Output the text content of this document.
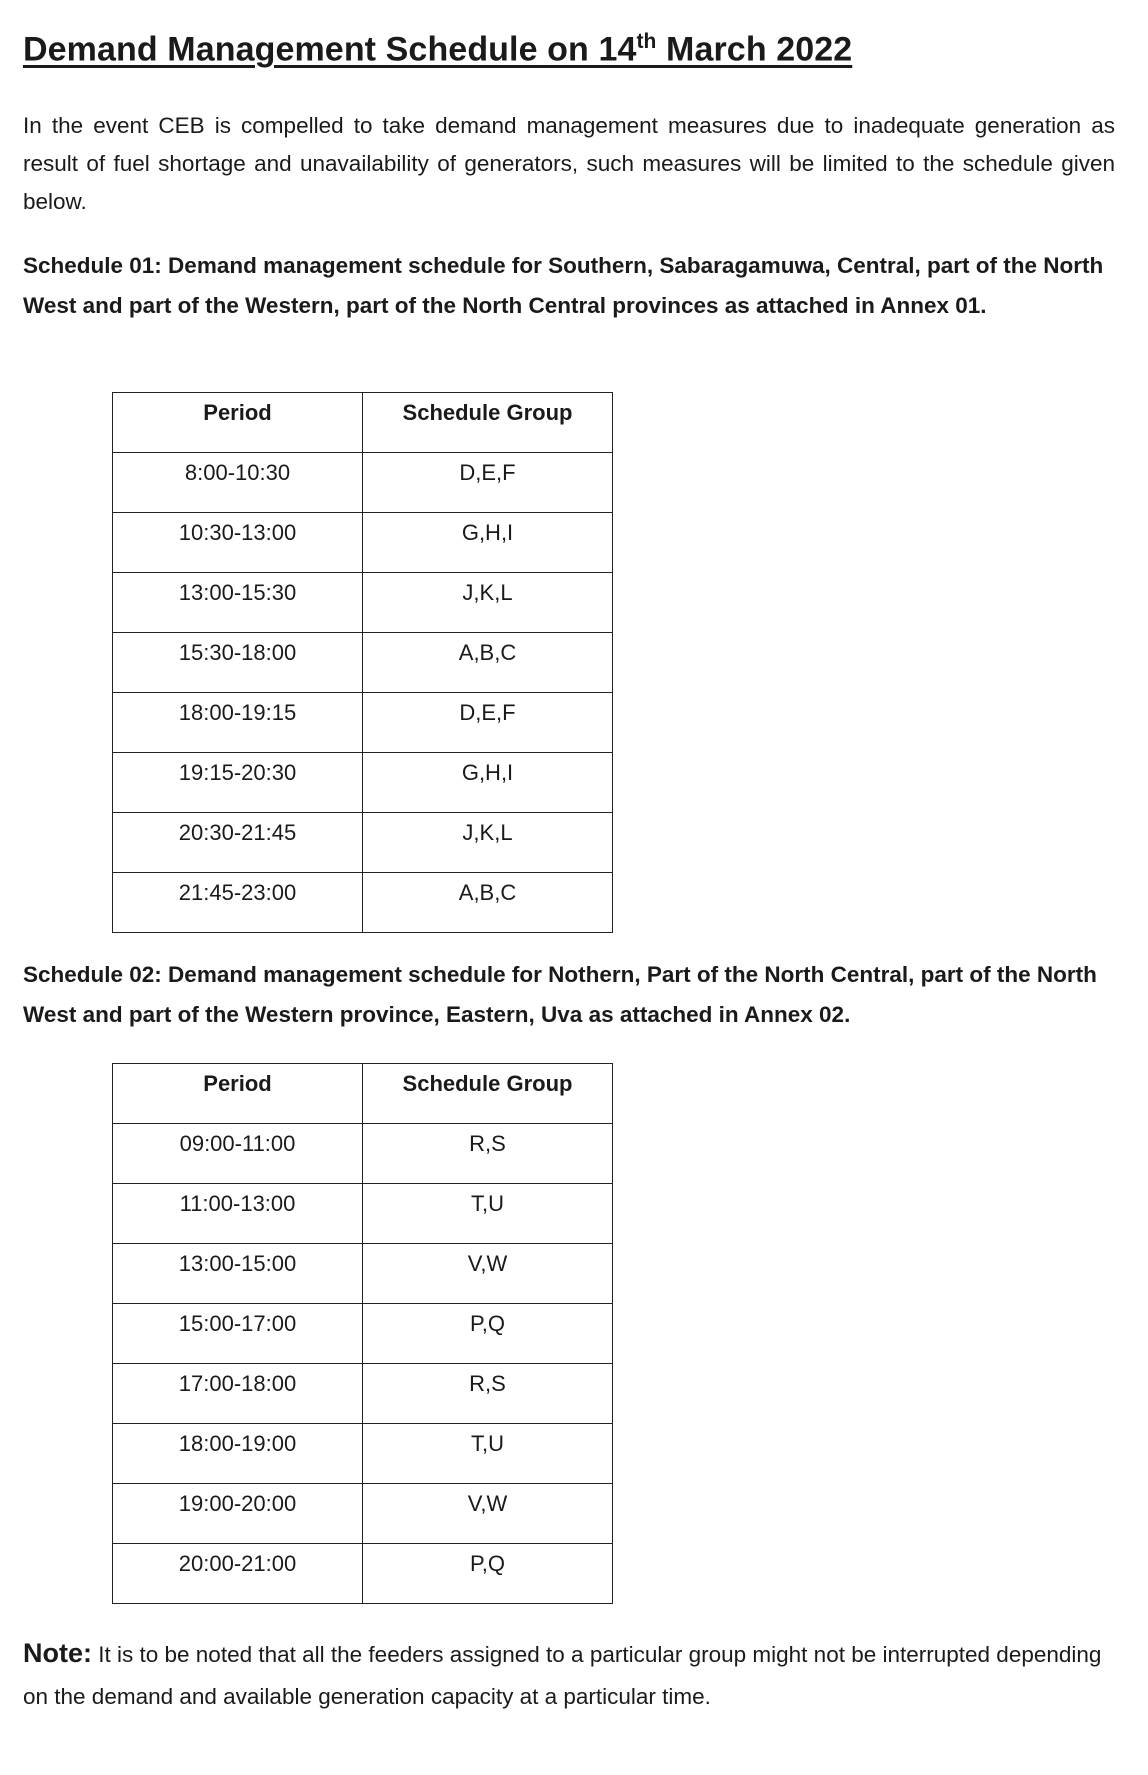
Demand Management Schedule on 14th March 2022
In the event CEB is compelled to take demand management measures due to inadequate generation as result of fuel shortage and unavailability of generators, such measures will be limited to the schedule given below.
Schedule 01: Demand management schedule for Southern, Sabaragamuwa, Central, part of the North West and part of the Western, part of the North Central provinces as attached in Annex 01.
Period	Schedule Group
8:00-10:30	D,E,F
10:30-13:00	G,H,I
13:00-15:30	J,K,L
15:30-18:00	A,B,C
18:00-19:15	D,E,F
19:15-20:30	G,H,I
20:30-21:45	J,K,L
21:45-23:00	A,B,C
Schedule 02: Demand management schedule for Nothern, Part of the North Central, part of the North West and part of the Western province, Eastern, Uva as attached in Annex 02.
Period	Schedule Group
09:00-11:00	R,S
11:00-13:00	T,U
13:00-15:00	V,W
15:00-17:00	P,Q
17:00-18:00	R,S
18:00-19:00	T,U
19:00-20:00	V,W
20:00-21:00	P,Q
Note: It is to be noted that all the feeders assigned to a particular group might not be interrupted depending on the demand and available generation capacity at a particular time.
